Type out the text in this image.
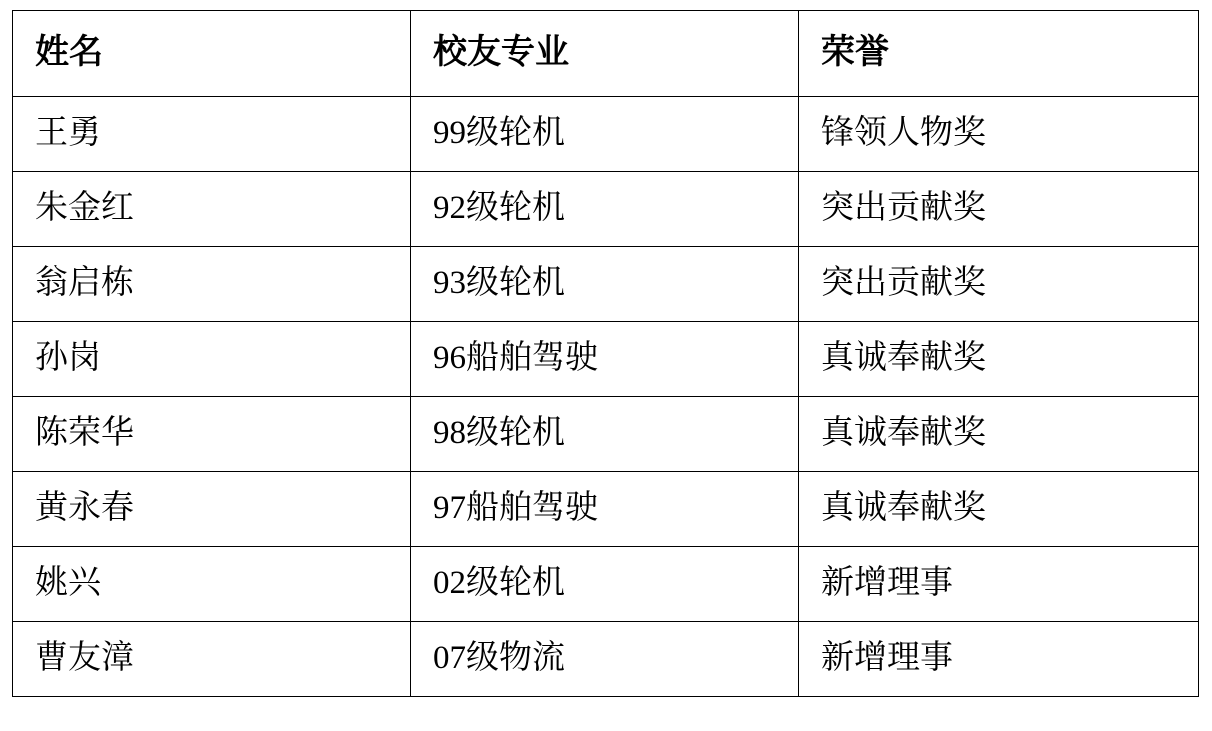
姓名	校友专业	荣誉
王勇	99级轮机	锋领人物奖
朱金红	92级轮机	突出贡献奖
翁启栋	93级轮机	突出贡献奖
孙岗	96船舶驾驶	真诚奉献奖
陈荣华	98级轮机	真诚奉献奖
黄永春	97船舶驾驶	真诚奉献奖
姚兴	02级轮机	新增理事
曹友漳	07级物流	新增理事
